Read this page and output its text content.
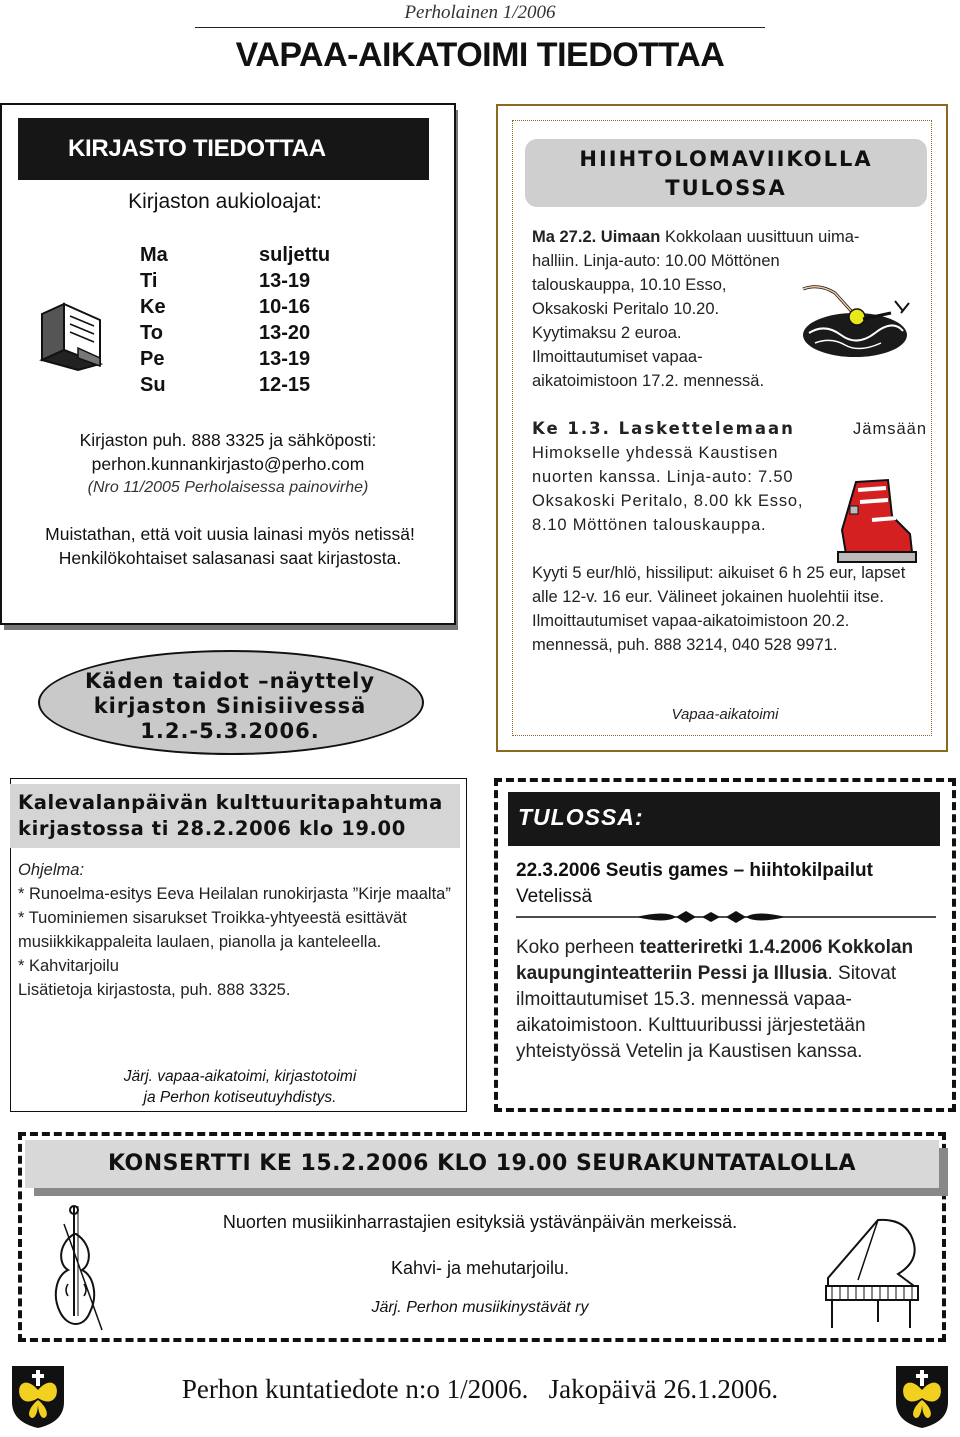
Perholainen 1/2006
VAPAA-AIKATOIMI TIEDOTTAA
KIRJASTO TIEDOTTAA
Kirjaston aukioloajat:
Ma	suljettu
Ti	13-19
Ke	10-16
To	13-20
Pe	13-19
Su	12-15
Kirjaston puh. 888 3325 ja sähköposti:
perhon.kunnankirjasto@perho.com
(Nro 11/2005 Perholaisessa painovirhe)
Muistathan, että voit uusia lainasi myös netissä! Henkilökohtaiset salasanasi saat kirjastosta.
Käden taidot –näyttely
kirjaston Sinisiivessä
1.2.-5.3.2006.
HIIHTOLOMAVIIKOLLA
TULOSSA
Ma 27.2. Uimaan Kokkolaan uusittuun uima-
halliin. Linja-auto: 10.00 Möttönen talouskauppa, 10.10 Esso, Oksakoski Peritalo 10.20. Kyytimaksu 2 euroa. Ilmoittautumiset vapaa-aikatoimistoon 17.2. mennessä.
Ke 1.3. Laskettelemaan	Jämsään
Himokselle yhdessä Kaustisen nuorten kanssa. Linja-auto: 7.50 Oksakoski Peritalo, 8.00 kk Esso, 8.10 Möttönen talouskauppa.
Kyyti 5 eur/hlö, hissiliput: aikuiset 6 h 25 eur, lapset alle 12-v. 16 eur. Välineet jokainen huolehtii itse. Ilmoittautumiset vapaa-aikatoimistoon 20.2. mennessä, puh. 888 3214, 040 528 9971.
Vapaa-aikatoimi
Kalevalanpäivän kulttuuritapahtuma kirjastossa ti 28.2.2006 klo 19.00
Ohjelma:
* Runoelma-esitys Eeva Heilalan runokirjasta ”Kirje maalta”
* Tuominiemen sisarukset Troikka-yhtyeestä esittävät musiikkikappaleita laulaen, pianolla ja kanteleella.
* Kahvitarjoilu
Lisätietoja kirjastosta, puh. 888 3325.
Järj. vapaa-aikatoimi, kirjastotoimi
ja Perhon kotiseutuyhdistys.
TULOSSA:
22.3.2006 Seutis games – hiihtokilpailut
Vetelissä
Koko perheen teatteriretki 1.4.2006 Kokkolan kaupunginteatteriin Pessi ja Illusia. Sitovat ilmoittautumiset 15.3. mennessä vapaa-aikatoimistoon. Kulttuuribussi järjestetään yhteistyössä Vetelin ja Kaustisen kanssa.
KONSERTTI KE 15.2.2006 KLO 19.00 SEURAKUNTATALOLLA
Nuorten musiikinharrastajien esityksiä ystävänpäivän merkeissä.
Kahvi- ja mehutarjoilu.
Järj. Perhon musiikinystävät ry
Perhon kuntatiedote n:o 1/2006.   Jakopäivä 26.1.2006.
